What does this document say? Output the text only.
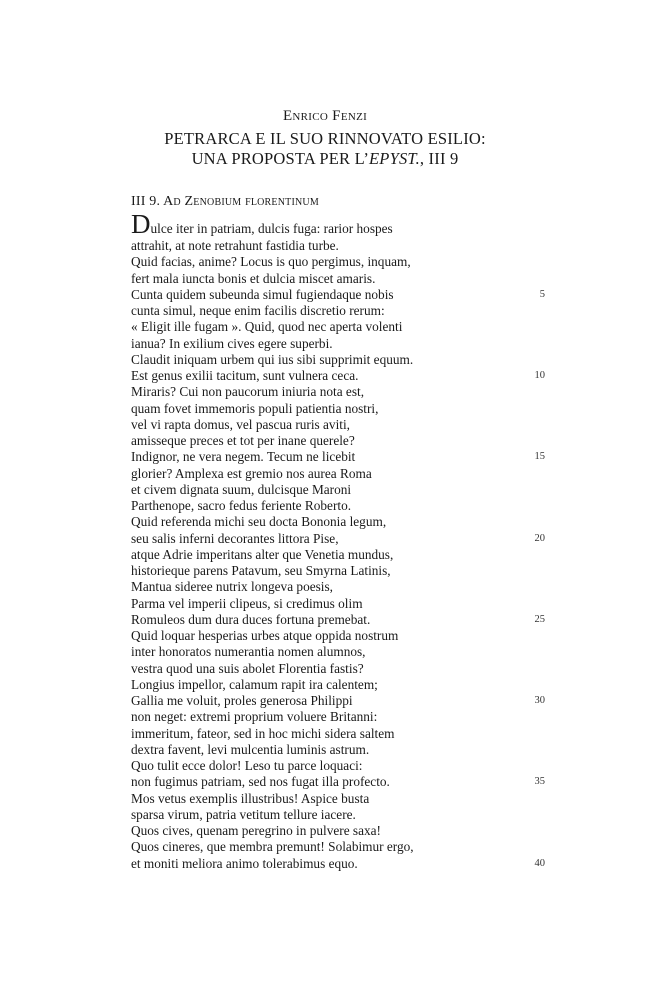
Enrico Fenzi
PETRARCA E IL SUO RINNOVATO ESILIO:
UNA PROPOSTA PER L’EPYST., III 9
III 9. Ad Zenobium florentinum
Dulce iter in patriam, dulcis fuga: rarior hospes
attrahit, at note retrahunt fastidia turbe.
Quid facias, anime? Locus is quo pergimus, inquam,
fert mala iuncta bonis et dulcia miscet amaris.
Cunta quidem subeunda simul fugiendaque nobis	5
cunta simul, neque enim facilis discretio rerum:
« Eligit ille fugam ». Quid, quod nec aperta volenti
ianua? In exilium cives egere superbi.
Claudit iniquam urbem qui ius sibi supprimit equum.
Est genus exilii tacitum, sunt vulnera ceca.	10
Miraris? Cui non paucorum iniuria nota est,
quam fovet immemoris populi patientia nostri,
vel vi rapta domus, vel pascua ruris aviti,
amisseque preces et tot per inane querele?
Indignor, ne vera negem. Tecum ne licebit	15
glorier? Amplexa est gremio nos aurea Roma
et civem dignata suum, dulcisque Maroni
Parthenope, sacro fedus feriente Roberto.
Quid referenda michi seu docta Bononia legum,
seu salis inferni decorantes littora Pise,	20
atque Adrie imperitans alter que Venetia mundus,
historieque parens Patavum, seu Smyrna Latinis,
Mantua sideree nutrix longeva poesis,
Parma vel imperii clipeus, si credimus olim
Romuleos dum dura duces fortuna premebat.	25
Quid loquar hesperias urbes atque oppida nostrum
inter honoratos numerantia nomen alumnos,
vestra quod una suis abolet Florentia fastis?
Longius impellor, calamum rapit ira calentem;
Gallia me voluit, proles generosa Philippi	30
non neget: extremi proprium voluere Britanni:
immeritum, fateor, sed in hoc michi sidera saltem
dextra favent, levi mulcentia luminis astrum.
Quo tulit ecce dolor! Leso tu parce loquaci:
non fugimus patriam, sed nos fugat illa profecto.	35
Mos vetus exemplis illustribus! Aspice busta
sparsa virum, patria vetitum tellure iacere.
Quos cives, quenam peregrino in pulvere saxa!
Quos cineres, que membra premunt! Solabimur ergo,
et moniti meliora animo tolerabimus equo.	40
